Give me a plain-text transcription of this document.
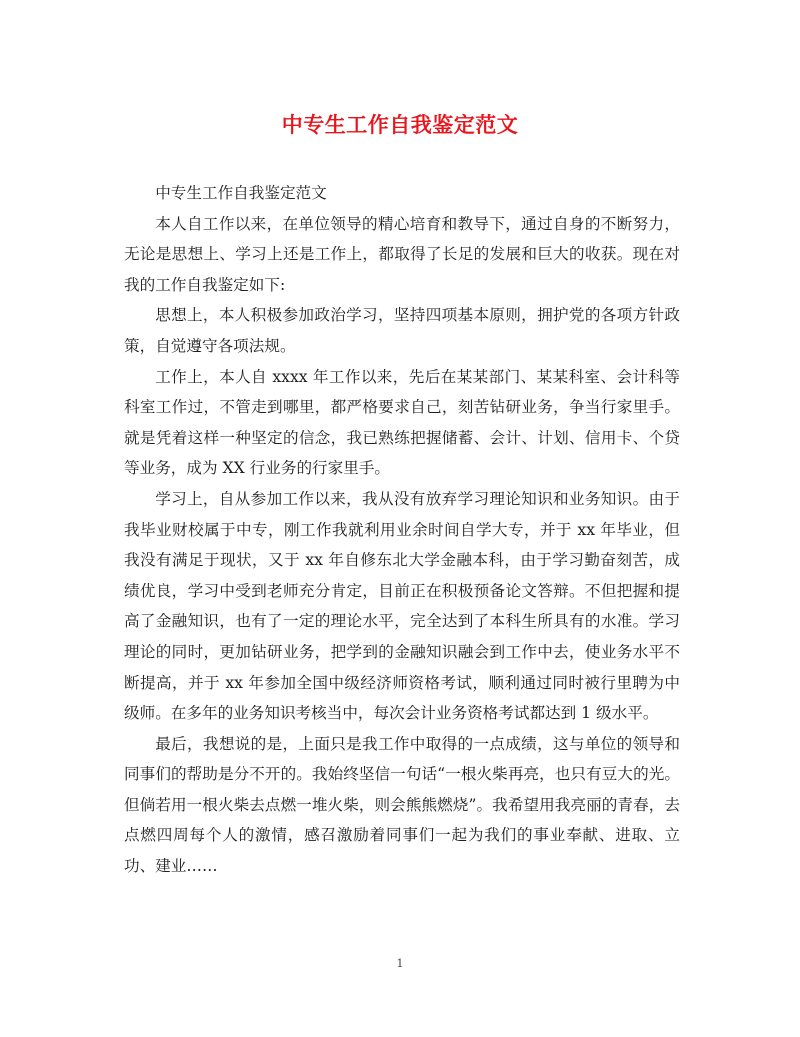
中专生工作自我鉴定范文

中专生工作自我鉴定范文

本人自工作以来，在单位领导的精心培育和教导下，通过自身的不断努力，无论是思想上、学习上还是工作上，都取得了长足的发展和巨大的收获。现在对我的工作自我鉴定如下:

思想上，本人积极参加政治学习，坚持四项基本原则，拥护党的各项方针政策，自觉遵守各项法规。

工作上，本人自 xxxx 年工作以来，先后在某某部门、某某科室、会计科等科室工作过，不管走到哪里，都严格要求自己，刻苦钻研业务，争当行家里手。就是凭着这样一种坚定的信念，我已熟练把握储蓄、会计、计划、信用卡、个贷等业务，成为 XX 行业务的行家里手。

学习上，自从参加工作以来，我从没有放弃学习理论知识和业务知识。由于我毕业财校属于中专，刚工作我就利用业余时间自学大专，并于 xx 年毕业，但我没有满足于现状，又于 xx 年自修东北大学金融本科，由于学习勤奋刻苦，成绩优良，学习中受到老师充分肯定，目前正在积极预备论文答辩。不但把握和提高了金融知识，也有了一定的理论水平，完全达到了本科生所具有的水准。学习理论的同时，更加钻研业务，把学到的金融知识融会到工作中去，使业务水平不断提高，并于 xx 年参加全国中级经济师资格考试，顺利通过同时被行里聘为中级师。在多年的业务知识考核当中，每次会计业务资格考试都达到 1 级水平。

最后，我想说的是，上面只是我工作中取得的一点成绩，这与单位的领导和同事们的帮助是分不开的。我始终坚信一句话“一根火柴再亮，也只有豆大的光。但倘若用一根火柴去点燃一堆火柴，则会熊熊燃烧”。我希望用我亮丽的青春，去点燃四周每个人的激情，感召激励着同事们一起为我们的事业奉献、进取、立功、建业……

1
